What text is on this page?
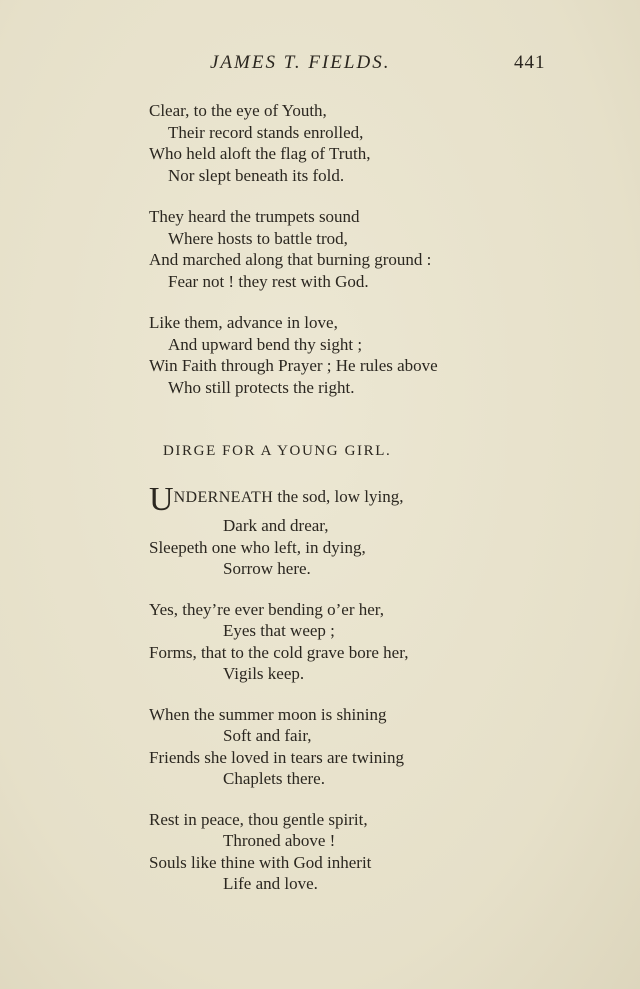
JAMES T. FIELDS.	441
Clear, to the eye of Youth,
Their record stands enrolled,
Who held aloft the flag of Truth,
Nor slept beneath its fold.
They heard the trumpets sound
Where hosts to battle trod,
And marched along that burning ground :
Fear not ! they rest with God.
Like them, advance in love,
And upward bend thy sight ;
Win Faith through Prayer ; He rules above
Who still protects the right.
DIRGE FOR A YOUNG GIRL.
UNDERNEATH the sod, low lying,
Dark and drear,
Sleepeth one who left, in dying,
Sorrow here.
Yes, they’re ever bending o’er her,
Eyes that weep ;
Forms, that to the cold grave bore her,
Vigils keep.
When the summer moon is shining
Soft and fair,
Friends she loved in tears are twining
Chaplets there.
Rest in peace, thou gentle spirit,
Throned above !
Souls like thine with God inherit
Life and love.
